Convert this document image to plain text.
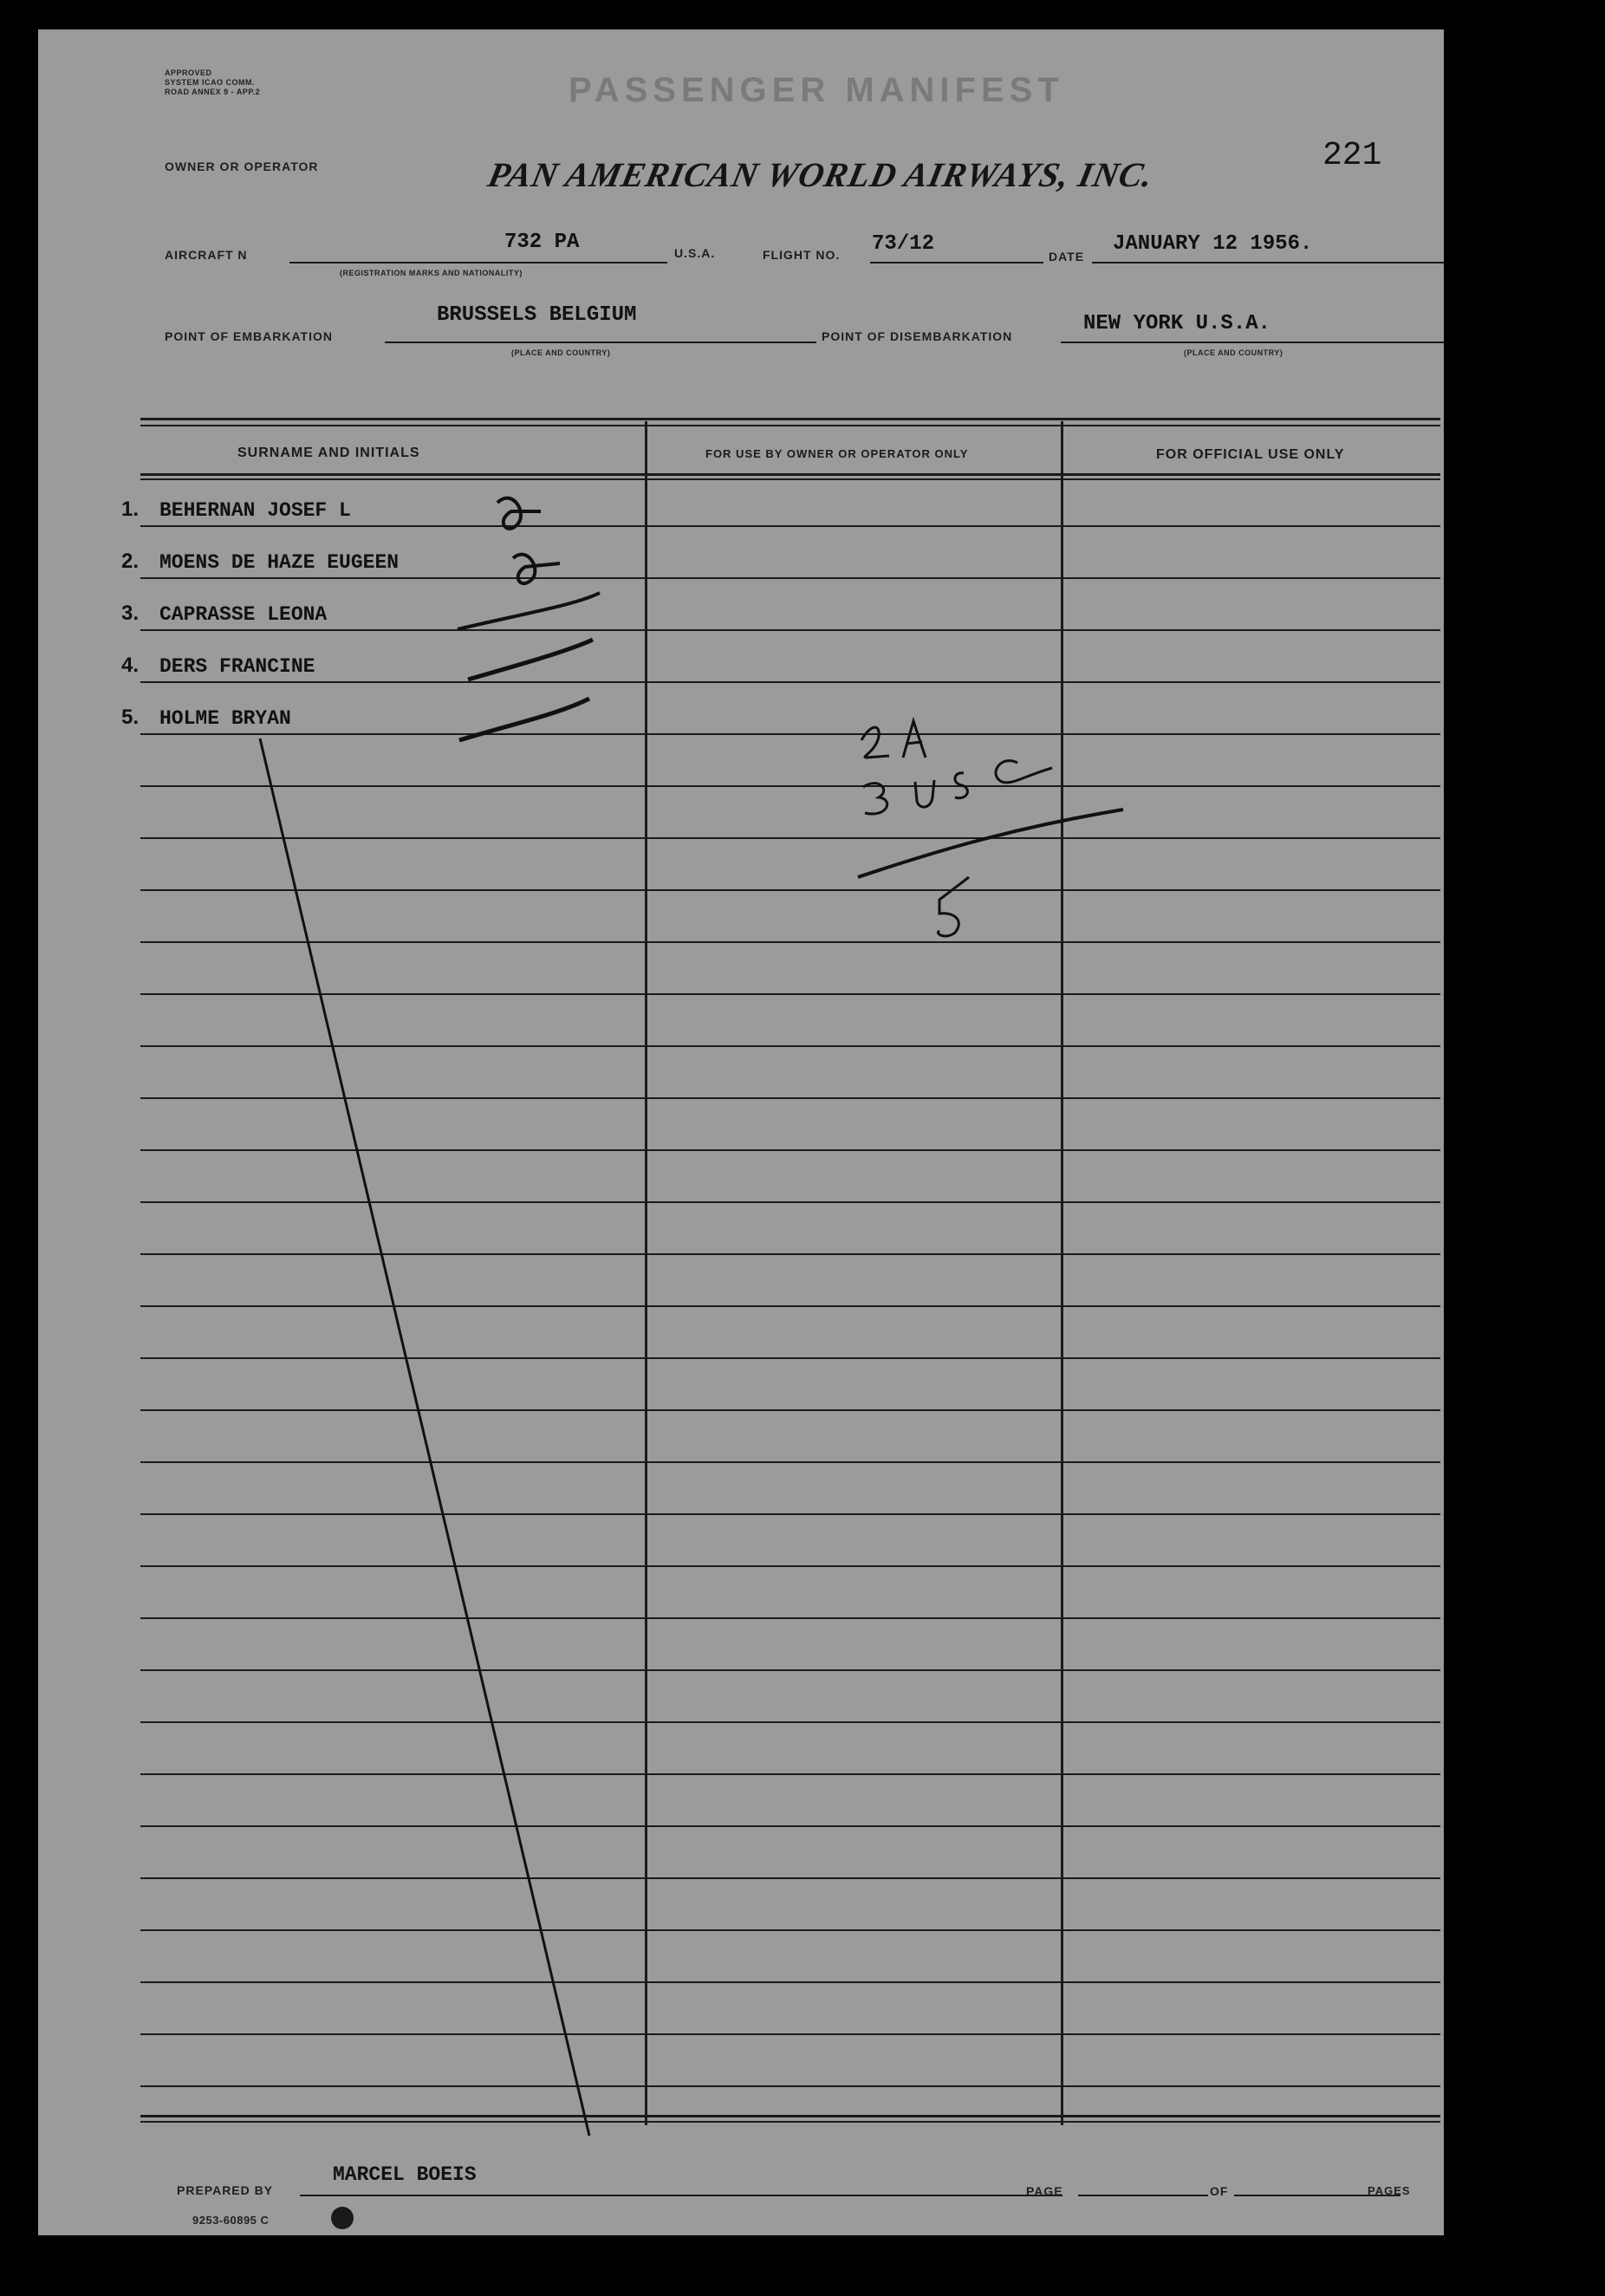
APPROVED
SYSTEM ICAO COMM.
ROAD ANNEX 9 - APP.2	PASSENGER MANIFEST
OWNER OR OPERATOR	PAN AMERICAN WORLD AIRWAYS, INC.	221
AIRCRAFT N
732 PA
(REGISTRATION MARKS AND NATIONALITY)
U.S.A.	FLIGHT NO. 73/12
DATE
JANUARY 12 1956.
POINT OF EMBARKATION
BRUSSELS BELGIUM
(PLACE AND COUNTRY)
POINT OF DISEMBARKATION
NEW YORK U.S.A.
(PLACE AND COUNTRY)
SURNAME AND INITIALS	FOR USE BY OWNER OR OPERATOR ONLY	FOR OFFICIAL USE ONLY
1. BEHERNAN JOSEF L
2. MOENS DE HAZE EUGEEN
3. CAPRASSE LEONA
4. DERS FRANCINE
5. HOLME BRYAN
PREPARED BY
MARCEL BOEIS
PAGE	OF	PAGES
9253-60895 C
